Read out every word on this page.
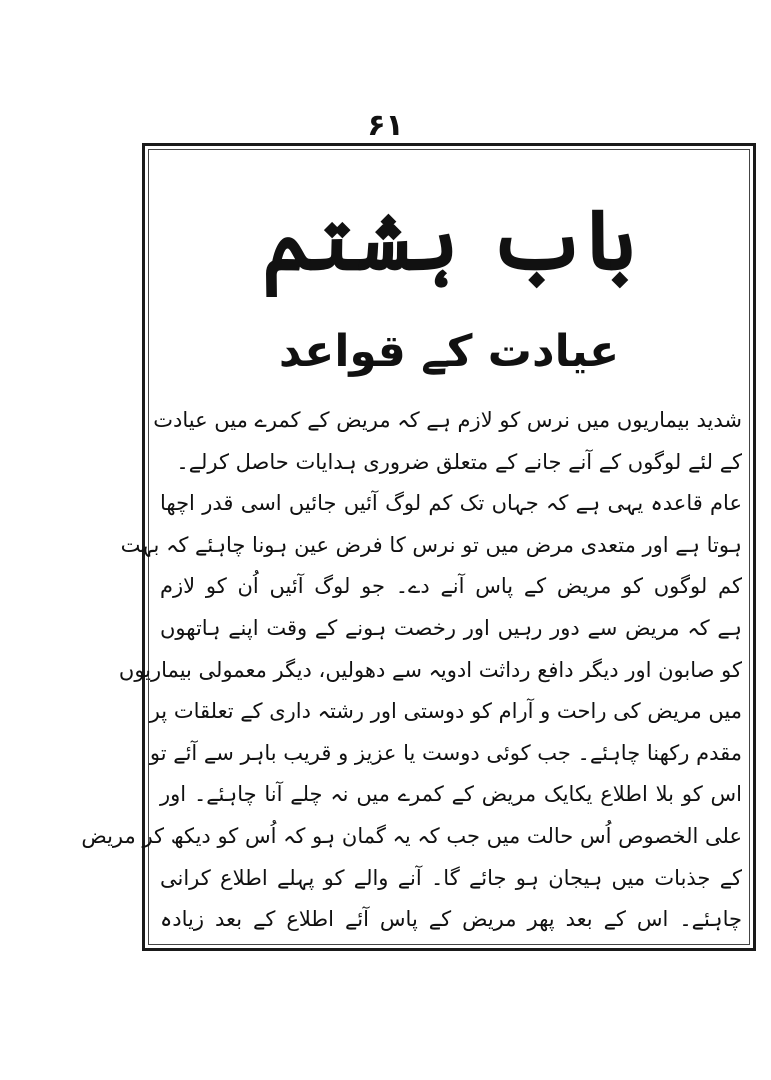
۶۱
باب ہشتم
عیادت کے قواعد
شدید بیماریوں میں نرس کو لازم ہے کہ مریض کے کمرے میں عیادت
کے لئے لوگوں کے آنے جانے کے متعلق ضروری ہدایات حاصل کرلے۔
عام قاعدہ یہی ہے کہ جہاں تک کم لوگ آئیں جائیں اسی قدر اچھا
ہوتا ہے اور متعدی مرض میں تو نرس کا فرض عین ہونا چاہئے کہ بہت
کم لوگوں کو مریض کے پاس آنے دے۔ جو لوگ آئیں اُن کو لازم
ہے کہ مریض سے دور رہیں اور رخصت ہونے کے وقت اپنے ہاتھوں
کو صابون اور دیگر دافع رداثت ادویہ سے دھولیں، دیگر معمولی بیماریوں
میں مریض کی راحت و آرام کو دوستی اور رشتہ داری کے تعلقات پر
مقدم رکھنا چاہئے۔ جب کوئی دوست یا عزیز و قریب باہر سے آئے تو
اس کو بلا اطلاع یکایک مریض کے کمرے میں نہ چلے آنا چاہئے۔ اور
علی الخصوص اُس حالت میں جب کہ یہ گمان ہو کہ اُس کو دیکھ کر مریض
کے جذبات میں ہیجان ہو جائے گا۔ آنے والے کو پہلے اطلاع کرانی
چاہئے۔ اس کے بعد پھر مریض کے پاس آئے اطلاع کے بعد زیادہ
